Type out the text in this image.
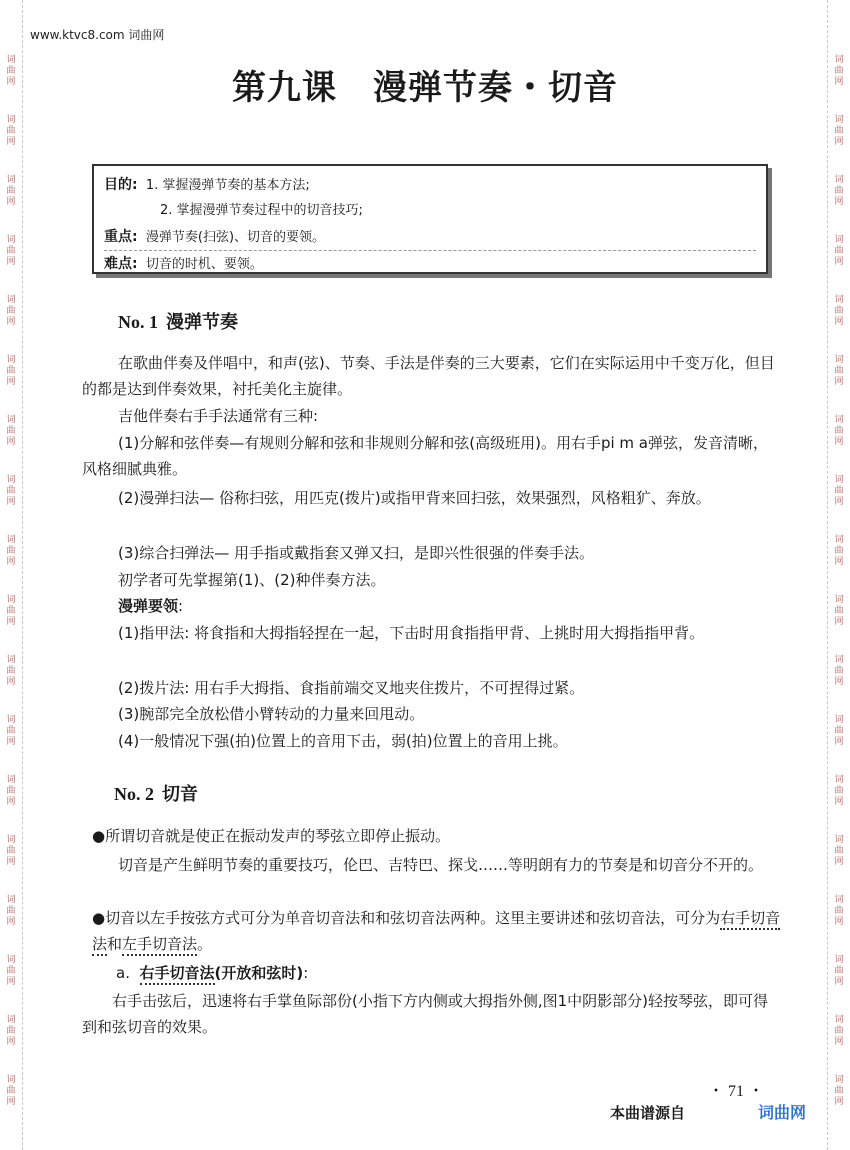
www.ktvc8.com 词曲网
第九课 漫弹节奏・切音
目的: 1. 掌握漫弹节奏的基本方法;
2. 掌握漫弹节奏过程中的切音技巧;
重点: 漫弹节奏(扫弦)、切音的要领。
难点: 切音的时机、要领。
No. 1 漫弹节奏

在歌曲伴奏及伴唱中，和声(弦)、节奏、手法是伴奏的三大要素，它们在实际运用中千变万化，但目的都是达到伴奏效果，衬托美化主旋律。

吉他伴奏右手手法通常有三种:

(1)分解和弦伴奏—有规则分解和弦和非规则分解和弦(高级班用)。用右手pi m a弹弦，发音清晰，风格细腻典雅。

(2)漫弹扫法— 俗称扫弦，用匹克(拨片)或指甲背来回扫弦，效果强烈，风格粗犷、奔放。

(3)综合扫弹法— 用手指或戴指套又弹又扫，是即兴性很强的伴奏手法。

初学者可先掌握第(1)、(2)种伴奏方法。

漫弹要领:

(1)指甲法: 将食指和大拇指轻捏在一起，下击时用食指指甲背、上挑时用大拇指指甲背。

(2)拨片法: 用右手大拇指、食指前端交叉地夹住拨片，不可捏得过紧。

(3)腕部完全放松借小臂转动的力量来回甩动。

(4)一般情况下强(拍)位置上的音用下击，弱(拍)位置上的音用上挑。

No. 2 切音

●所谓切音就是使正在振动发声的琴弦立即停止振动。

切音是产生鲜明节奏的重要技巧，伦巴、吉特巴、探戈……等明朗有力的节奏是和切音分不开的。

●切音以左手按弦方式可分为单音切音法和和弦切音法两种。这里主要讲述和弦切音法，可分为右手切音法和左手切音法。

a. 右手切音法(开放和弦时):

右手击弦后，迅速将右手掌鱼际部份(小指下方内侧或大拇指外侧,图1中阴影部分)轻按琴弦，即可得到和弦切音的效果。

・ 71 ・
本曲谱源自	词曲网
词
曲
网
词
曲
网
词
曲
网
词
曲
网
词
曲
网
词
曲
网
词
曲
网
词
曲
网
词
曲
网
词
曲
网
词
曲
网
词
曲
网
词
曲
网
词
曲
网
词
曲
网
词
曲
网
词
曲
网
词
曲
网
词
曲
网
词
曲
网
词
曲
网
词
曲
网
词
曲
网
词
曲
网
词
曲
网
词
曲
网
词
曲
网
词
曲
网
词
曲
网
词
曲
网
词
曲
网
词
曲
网
词
曲
网
词
曲
网
词
曲
网
词
曲
网
